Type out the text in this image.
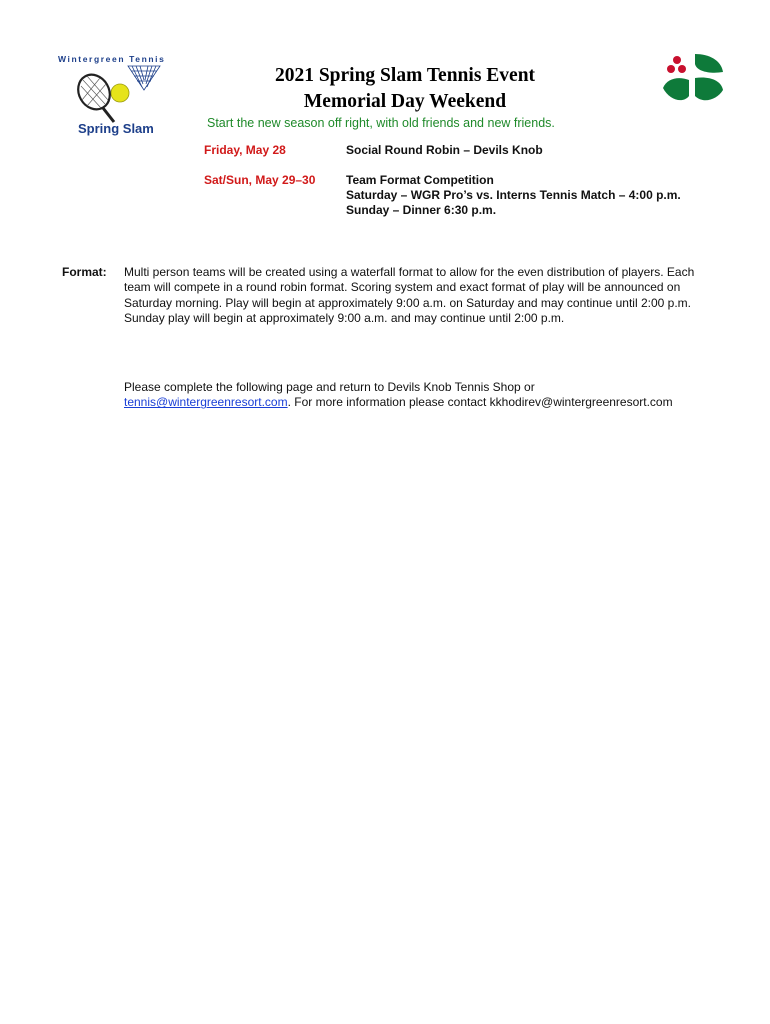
Wintergreen Tennis
Spring Slam
2021 Spring Slam Tennis Event
Memorial Day Weekend
Start the new season off right, with old friends and new friends.
Friday, May 28	Social Round Robin – Devils Knob
Sat/Sun, May 29–30	Team Format Competition
Saturday – WGR Pro’s vs. Interns Tennis Match – 4:00 p.m.
Sunday – Dinner 6:30 p.m.
Format: Multi person teams will be created using a waterfall format to allow for the even distribution of players. Each team will compete in a round robin format. Scoring system and exact format of play will be announced on Saturday morning. Play will begin at approximately 9:00 a.m. on Saturday and may continue until 2:00 p.m. Sunday play will begin at approximately 9:00 a.m. and may continue until 2:00 p.m.
Please complete the following page and return to Devils Knob Tennis Shop or
tennis@wintergreenresort.com. For more information please contact kkhodirev@wintergreenresort.com
